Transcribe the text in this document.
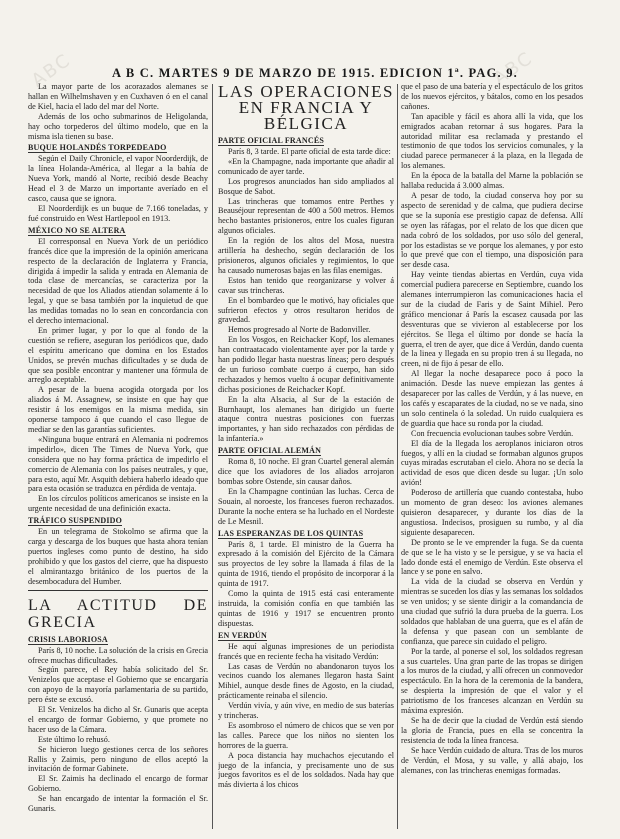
ABC	ABC
A B C. MARTES 9 DE MARZO DE 1915. EDICION 1ª. PAG. 9.

La mayor parte de los acorazados alemanes se hallan en Wilhelmshaven y en Cuxhaven ó en el canal de Kiel, hacia el lado del mar del Norte.

Además de los ocho submarinos de Heligolanda, hay ocho torpederos del último modelo, que en la misma isla tienen su base.

BUQUE HOLANDÉS TORPEDEADO

Según el Daily Chronicle, el vapor Noorderdijk, de la línea Holanda-América, al llegar a la bahía de Nueva York, mandó al Norte, recibió desde Beachy Head el 3 de Marzo un importante averíado en el casco, causa que se ignora.

El Noorderdijk es un buque de 7.166 toneladas, y fué construido en West Hartlepool en 1913.

MÉXICO NO SE ALTERA

El corresponsal en Nueva York de un periódico francés dice que la impresión de la opinión americana respecto de la declaración de Inglaterra y Francia, dirigida á impedir la salida y entrada en Alemania de toda clase de mercancías, se caracteriza por la necesidad de que los Aliados atiendan solamente á lo legal, y que se basa también por la inquietud de que las medidas tomadas no lo sean en concordancia con el derecho internacional.

En primer lugar, y por lo que al fondo de la cuestión se refiere, aseguran los periódicos que, dado el espíritu americano que domina en los Estados Unidos, se prevén muchas dificultades y se duda de que sea posible encontrar y mantener una fórmula de arreglo aceptable.

A pesar de la buena acogida otorgada por los aliados á M. Assagnew, se insiste en que hay que resistir á los enemigos en la misma medida, sin oponerse tampoco á que cuando el caso llegue de mediar se den las garantías suficientes.

«Ninguna buque entrará en Alemania ni podremos impedirlo», dicen The Times de Nueva York, que considera que no hay forma práctica de impedirlo el comercio de Alemania con los países neutrales, y que, para esto, aquí Mr. Asquith debiera haberlo ideado que para esta ocasión se traduzca en pérdida de ventaja.

En los círculos políticos americanos se insiste en la urgente necesidad de una definición exacta.

TRÁFICO SUSPENDIDO

En un telegrama de Stokolmo se afirma que la carga y descarga de los buques que hasta ahora tenían puertos ingleses como punto de destino, ha sido prohibido y que los gastos del cierre, que ha dispuesto el almirantazgo británico de los puertos de la desembocadura del Humber.

LA ACTITUD DE GRECIA
CRISIS LABORIOSA

París 8, 10 noche. La solución de la crisis en Grecia ofrece muchas dificultades.

Según parece, el Rey había solicitado del Sr. Venizelos que aceptase el Gobierno que se encargaría con apoyo de la mayoría parlamentaria de su partido, pero éste se excusó.

El Sr. Venizelos ha dicho al Sr. Gunaris que acepta el encargo de formar Gobierno, y que promete no hacer uso de la Cámara.

Este último lo rehusó.

Se hicieron luego gestiones cerca de los señores Rallis y Zaimis, pero ninguno de ellos aceptó la invitación de formar Gabinete.

El Sr. Zaimis ha declinado el encargo de formar Gobierno.

Se han encargado de intentar la formación el Sr. Gunaris.

LAS OPERACIONES EN FRANCIA Y BÉLGICA
PARTE OFICIAL FRANCÉS

París 8, 3 tarde. El parte oficial de esta tarde dice:

«En la Champagne, nada importante que añadir al comunicado de ayer tarde.

Los progresos anunciados han sido ampliados al Bosque de Sabot.

Las trincheras que tomamos entre Perthes y Beauséjour representan de 400 a 500 metros. Hemos hecho bastantes prisioneros, entre los cuales figuran algunos oficiales.

En la región de los altos del Mosa, nuestra artillería ha deshecho, según declaración de los prisioneros, algunos oficiales y regimientos, lo que ha causado numerosas bajas en las filas enemigas.

Estos han tenido que reorganizarse y volver á cavar sus trincheras.

En el bombardeo que le motivó, hay oficiales que sufrieron efectos y otros resultaron heridos de gravedad.

Hemos progresado al Norte de Badonviller.

En los Vosgos, en Reichacker Kopf, los alemanes han contraatacado violentamente ayer por la tarde y han podido llegar hasta nuestras líneas; pero después de un furioso combate cuerpo á cuerpo, han sido rechazados y hemos vuelto á ocupar definitivamente dichas posiciones de Reichacker Kopf.

En la alta Alsacia, al Sur de la estación de Burnhaupt, los alemanes han dirigido un fuerte ataque contra nuestras posiciones con fuerzas importantes, y han sido rechazados con pérdidas de la infantería.»

PARTE OFICIAL ALEMÁN

Roma 8, 10 noche. El gran Cuartel general alemán dice que los aviadores de los aliados arrojaron bombas sobre Ostende, sin causar daños.

En la Champagne continúan las luchas. Cerca de Souain, al noroeste, los franceses fueron rechazados. Durante la noche entera se ha luchado en el Nordeste de Le Mesnil.

LAS ESPERANZAS DE LOS QUINTAS

París 8, 1 tarde. El ministro de la Guerra ha expresado á la comisión del Ejército de la Cámara sus proyectos de ley sobre la llamada á filas de la quinta de 1916, tiendo el propósito de incorporar á la quinta de 1917.

Como la quinta de 1915 está casi enteramente instruida, la comisión confía en que también las quintas de 1916 y 1917 se encuentren pronto dispuestas.

EN VERDÚN

He aquí algunas impresiones de un periodista francés que en reciente fecha ha visitado Verdún:

Las casas de Verdún no abandonaron tuyos los vecinos cuando los alemanes llegaron hasta Saint Mihiel, aunque desde fines de Agosto, en la ciudad, prácticamente reinaba el silencio.

Verdún vivía, y aún vive, en medio de sus baterías y trincheras.

Es asombroso el número de chicos que se ven por las calles. Parece que los niños no sienten los horrores de la guerra.

A poca distancia hay muchachos ejecutando el juego de la infancia, y precisamente uno de sus juegos favoritos es el de los soldados. Nada hay que más divierta á los chicos

que el paso de una batería y el espectáculo de los gritos de los nuevos ejércitos, y bátalos, como en los pesados cañones.

Tan apacible y fácil es ahora allí la vida, que los emigrados acaban retornar á sus hogares. Para la autoridad militar esa reclamada y prestando el testimonio de que todos los servicios comunales, y la ciudad parece permanecer á la plaza, en la llegada de los alemanes.

En la época de la batalla del Marne la población se hallaba reducida á 3.000 almas.

A pesar de todo, la ciudad conserva hoy por su aspecto de serenidad y de calma, que pudiera decirse que se la suponía ese prestigio capaz de defensa. Allí se oyen las ráfagas, por el relato de los que dicen que nada cobró de los soldados, por uso sólo del general, por los estadistas se ve porque los alemanes, y por esto lo que prevé que con el tiempo, una disposición para ser desde casa.

Hay veinte tiendas abiertas en Verdún, cuya vida comercial pudiera parecerse en Septiembre, cuando los alemanes interrumpieron las comunicaciones hacia el sur de la ciudad de Faris y de Saint Mihiel. Pero gráfico mencionar á París la escasez causada por las desventuras que se vivieron al establecerse por los ejércitos. Se llega el último por donde se hacía la guerra, el tren de ayer, que dice á Verdún, dando cuenta de la linea y llegada en su propio tren á su llegada, no creen, ni de fijo á pesar de ello.

Al llegar la noche desaparece poco á poco la animación. Desde las nueve empiezan las gentes á desaparecer por las calles de Verdún, y á las nueve, en los cafés y escaparates de la ciudad, no se ve nada, sino un solo centinela ó la soledad. Un ruido cualquiera es de guardia que hace su ronda por la ciudad.

Con frecuencia evolucionan taubes sobre Verdún.

El día de la llegada los aeroplanos iniciaron otros fuegos, y allí en la ciudad se formaban algunos grupos cuyas miradas escrutaban el cielo. Ahora no se decía la actividad de esos que dicen desde su lugar. ¡Un solo avión!

Poderoso de artillería que cuando contestaba, hubo un momento de gran deseo: los aviones alemanes quisieron desaparecer, y durante los días de la angustiosa. Indecisos, prosiguen su rumbo, y al día siguiente desaparecen.

De pronto se le ve emprender la fuga. Se da cuenta de que se le ha visto y se le persigue, y se va hacia el lado donde está el enemigo de Verdún. Este observa el lance y se pone en salvo.

La vida de la ciudad se observa en Verdún y mientras se suceden los días y las semanas los soldados se ven unidos; y se siente dirigir a la comandancia de una ciudad que sufrió la dura prueba de la guerra. Los soldados que hablaban de una guerra, que es el afán de la defensa y que pasean con un semblante de confianza, que parece sin cuidado el peligro.

Por la tarde, al ponerse el sol, los soldados regresan a sus cuarteles. Una gran parte de las tropas se dirigen a los muros de la ciudad, y allí ofrecen un conmovedor espectáculo. En la hora de la ceremonia de la bandera, se despierta la impresión de que el valor y el patriotismo de los franceses alcanzan en Verdún su máxima expresión.

Se ha de decir que la ciudad de Verdún está siendo la gloria de Francia, pues en ella se concentra la resistencia de toda la línea francesa.

Se hace Verdún cuidado de altura. Tras de los muros de Verdún, el Mosa, y su valle, y allá abajo, los alemanes, con las trincheras enemigas formadas.
